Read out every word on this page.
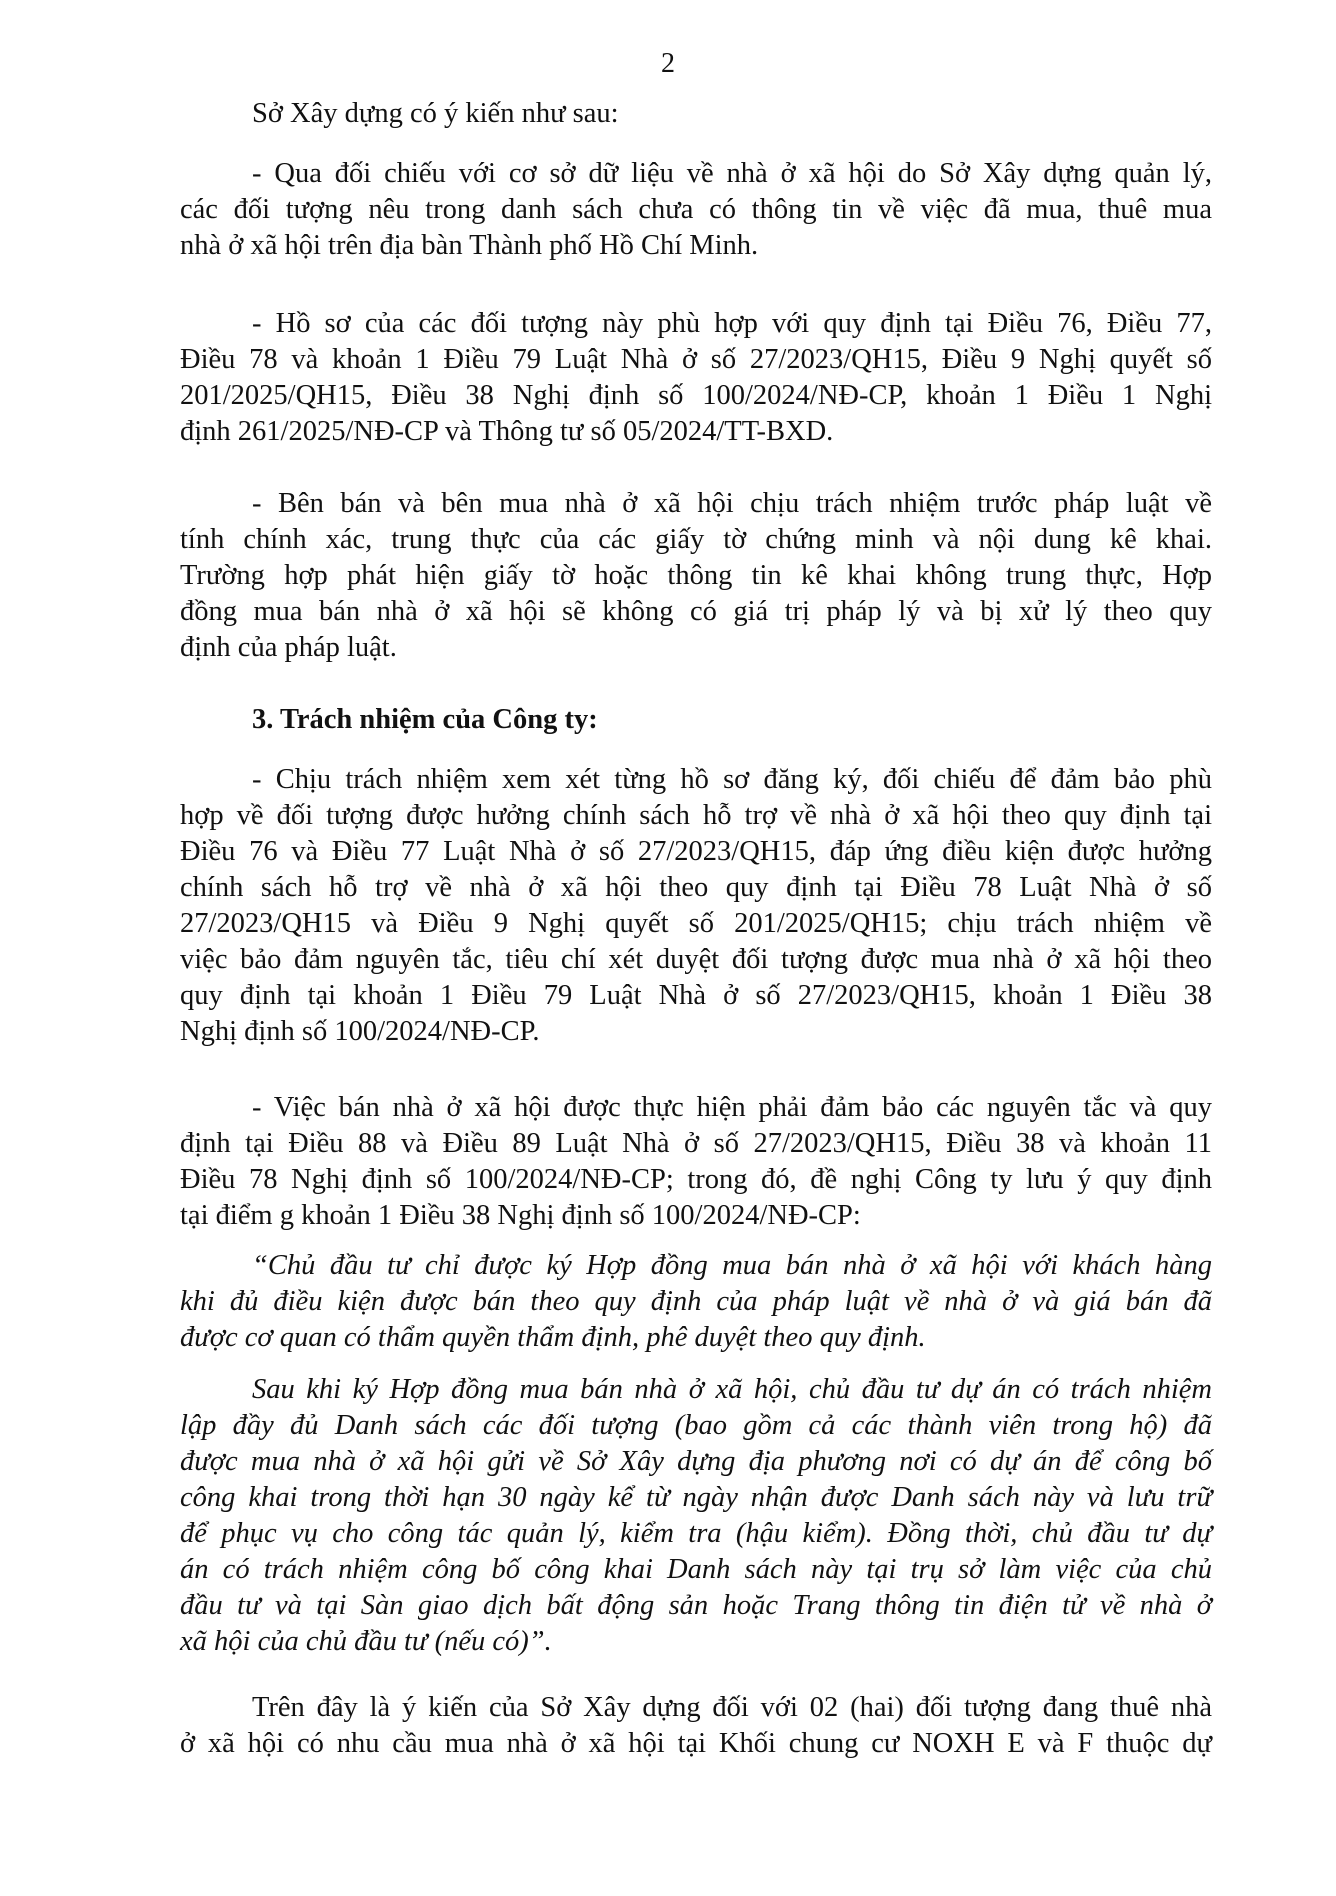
2

Sở Xây dựng có ý kiến như sau:

- Qua đối chiếu với cơ sở dữ liệu về nhà ở xã hội do Sở Xây dựng quản lý,
các đối tượng nêu trong danh sách chưa có thông tin về việc đã mua, thuê mua
nhà ở xã hội trên địa bàn Thành phố Hồ Chí Minh.

- Hồ sơ của các đối tượng này phù hợp với quy định tại Điều 76, Điều 77,
Điều 78 và khoản 1 Điều 79 Luật Nhà ở số 27/2023/QH15, Điều 9 Nghị quyết số
201/2025/QH15, Điều 38 Nghị định số 100/2024/NĐ-CP, khoản 1 Điều 1 Nghị
định 261/2025/NĐ-CP và Thông tư số 05/2024/TT-BXD.

- Bên bán và bên mua nhà ở xã hội chịu trách nhiệm trước pháp luật về
tính chính xác, trung thực của các giấy tờ chứng minh và nội dung kê khai.
Trường hợp phát hiện giấy tờ hoặc thông tin kê khai không trung thực, Hợp
đồng mua bán nhà ở xã hội sẽ không có giá trị pháp lý và bị xử lý theo quy
định của pháp luật.

3. Trách nhiệm của Công ty:

- Chịu trách nhiệm xem xét từng hồ sơ đăng ký, đối chiếu để đảm bảo phù
hợp về đối tượng được hưởng chính sách hỗ trợ về nhà ở xã hội theo quy định tại
Điều 76 và Điều 77 Luật Nhà ở số 27/2023/QH15, đáp ứng điều kiện được hưởng
chính sách hỗ trợ về nhà ở xã hội theo quy định tại Điều 78 Luật Nhà ở số
27/2023/QH15 và Điều 9 Nghị quyết số 201/2025/QH15; chịu trách nhiệm về
việc bảo đảm nguyên tắc, tiêu chí xét duyệt đối tượng được mua nhà ở xã hội theo
quy định tại khoản 1 Điều 79 Luật Nhà ở số 27/2023/QH15, khoản 1 Điều 38
Nghị định số 100/2024/NĐ-CP.

- Việc bán nhà ở xã hội được thực hiện phải đảm bảo các nguyên tắc và quy
định tại Điều 88 và Điều 89 Luật Nhà ở số 27/2023/QH15, Điều 38 và khoản 11
Điều 78 Nghị định số 100/2024/NĐ-CP; trong đó, đề nghị Công ty lưu ý quy định
tại điểm g khoản 1 Điều 38 Nghị định số 100/2024/NĐ-CP:

“Chủ đầu tư chỉ được ký Hợp đồng mua bán nhà ở xã hội với khách hàng
khi đủ điều kiện được bán theo quy định của pháp luật về nhà ở và giá bán đã
được cơ quan có thẩm quyền thẩm định, phê duyệt theo quy định.

Sau khi ký Hợp đồng mua bán nhà ở xã hội, chủ đầu tư dự án có trách nhiệm
lập đầy đủ Danh sách các đối tượng (bao gồm cả các thành viên trong hộ) đã
được mua nhà ở xã hội gửi về Sở Xây dựng địa phương nơi có dự án để công bố
công khai trong thời hạn 30 ngày kể từ ngày nhận được Danh sách này và lưu trữ
để phục vụ cho công tác quản lý, kiểm tra (hậu kiểm). Đồng thời, chủ đầu tư dự
án có trách nhiệm công bố công khai Danh sách này tại trụ sở làm việc của chủ
đầu tư và tại Sàn giao dịch bất động sản hoặc Trang thông tin điện tử về nhà ở
xã hội của chủ đầu tư (nếu có)”.

Trên đây là ý kiến của Sở Xây dựng đối với 02 (hai) đối tượng đang thuê nhà
ở xã hội có nhu cầu mua nhà ở xã hội tại Khối chung cư NOXH E và F thuộc dự
